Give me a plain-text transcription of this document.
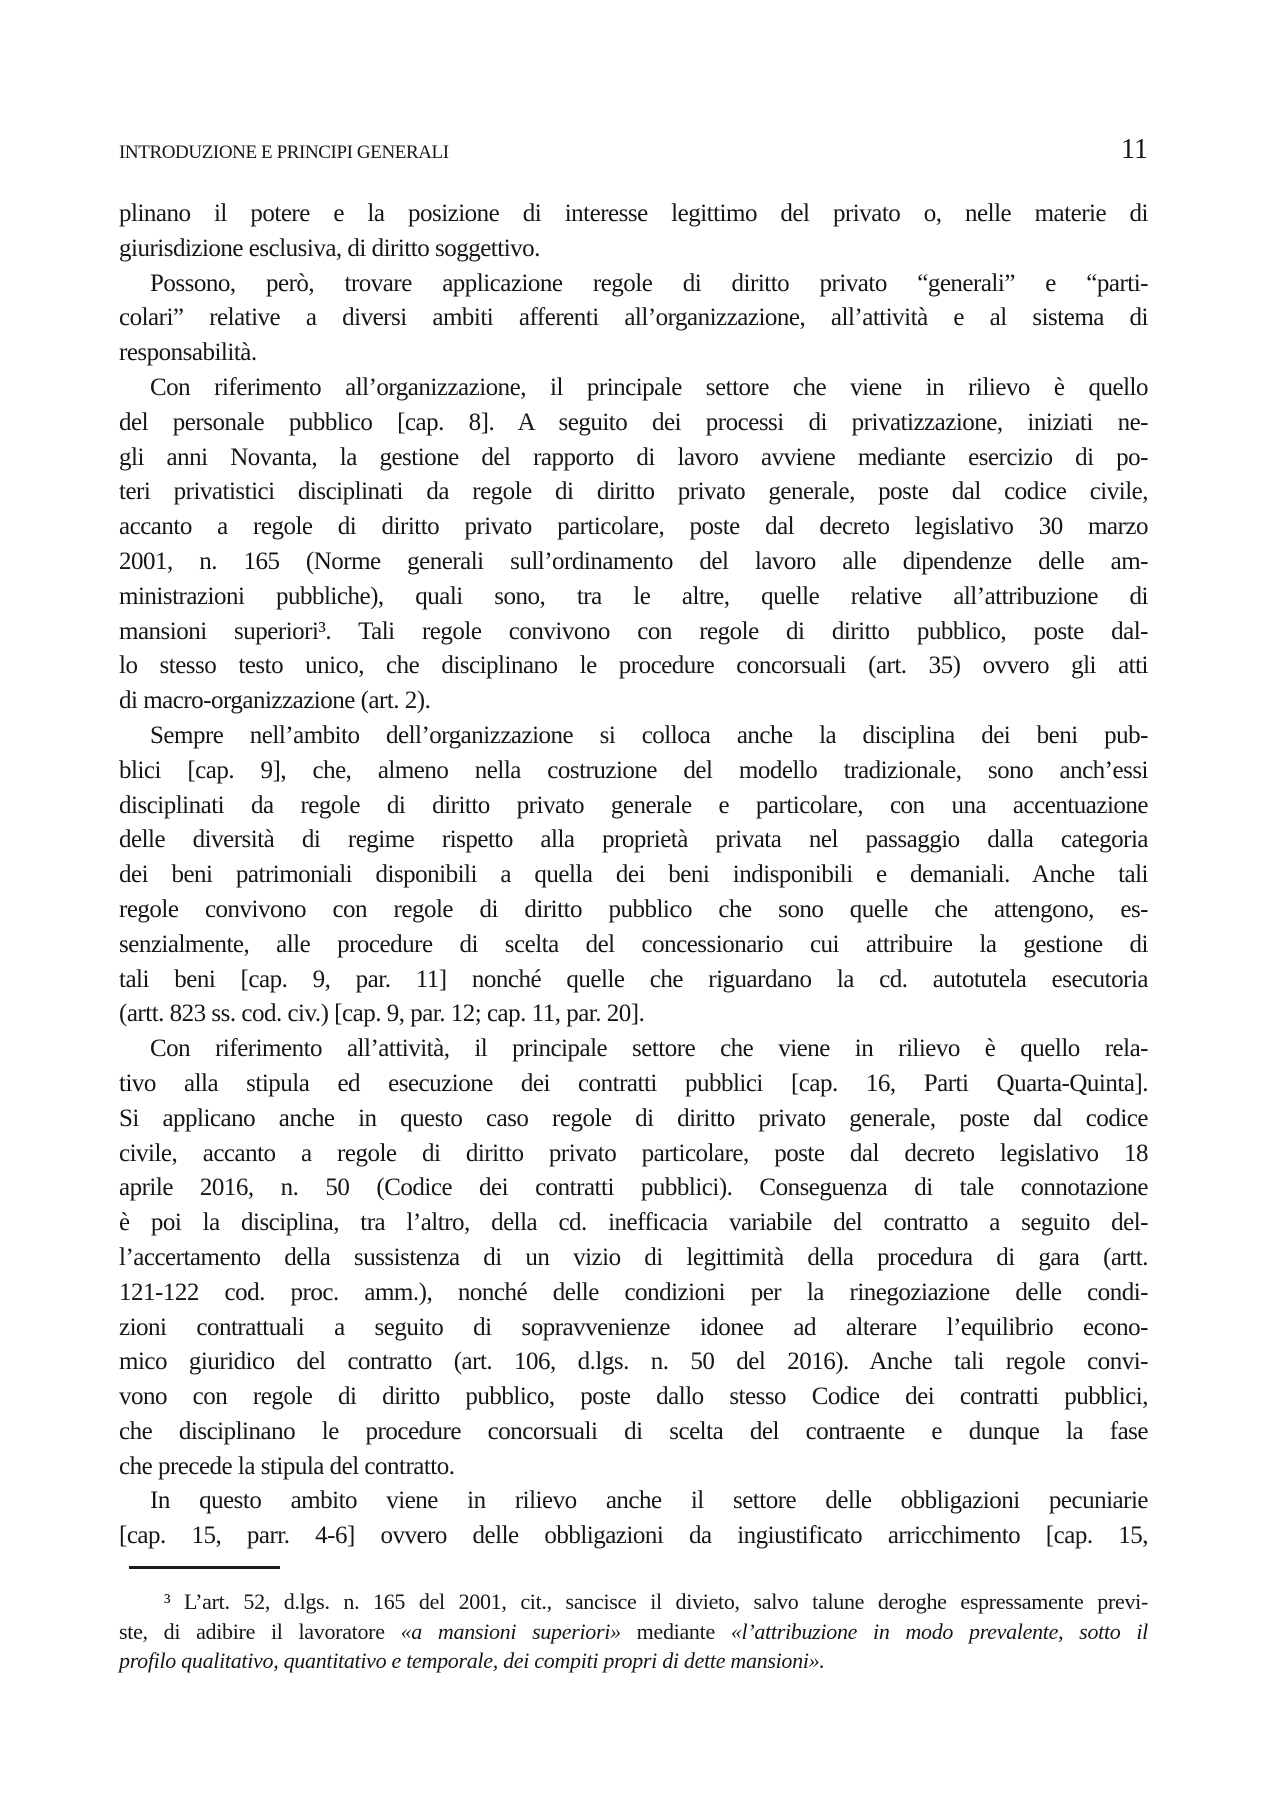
INTRODUZIONE E PRINCIPI GENERALI	11
plinano il potere e la posizione di interesse legittimo del privato o, nelle materie di
giurisdizione esclusiva, di diritto soggettivo.
Possono, però, trovare applicazione regole di diritto privato “generali” e “parti-
colari” relative a diversi ambiti afferenti all’organizzazione, all’attività e al sistema di
responsabilità.
Con riferimento all’organizzazione, il principale settore che viene in rilievo è quello
del personale pubblico [cap. 8]. A seguito dei processi di privatizzazione, iniziati ne-
gli anni Novanta, la gestione del rapporto di lavoro avviene mediante esercizio di po-
teri privatistici disciplinati da regole di diritto privato generale, poste dal codice civile,
accanto a regole di diritto privato particolare, poste dal decreto legislativo 30 marzo
2001, n. 165 (Norme generali sull’ordinamento del lavoro alle dipendenze delle am-
ministrazioni pubbliche), quali sono, tra le altre, quelle relative all’attribuzione di
mansioni superiori³. Tali regole convivono con regole di diritto pubblico, poste dal-
lo stesso testo unico, che disciplinano le procedure concorsuali (art. 35) ovvero gli atti
di macro-organizzazione (art. 2).
Sempre nell’ambito dell’organizzazione si colloca anche la disciplina dei beni pub-
blici [cap. 9], che, almeno nella costruzione del modello tradizionale, sono anch’essi
disciplinati da regole di diritto privato generale e particolare, con una accentuazione
delle diversità di regime rispetto alla proprietà privata nel passaggio dalla categoria
dei beni patrimoniali disponibili a quella dei beni indisponibili e demaniali. Anche tali
regole convivono con regole di diritto pubblico che sono quelle che attengono, es-
senzialmente, alle procedure di scelta del concessionario cui attribuire la gestione di
tali beni [cap. 9, par. 11] nonché quelle che riguardano la cd. autotutela esecutoria
(artt. 823 ss. cod. civ.) [cap. 9, par. 12; cap. 11, par. 20].
Con riferimento all’attività, il principale settore che viene in rilievo è quello rela-
tivo alla stipula ed esecuzione dei contratti pubblici [cap. 16, Parti Quarta-Quinta].
Si applicano anche in questo caso regole di diritto privato generale, poste dal codice
civile, accanto a regole di diritto privato particolare, poste dal decreto legislativo 18
aprile 2016, n. 50 (Codice dei contratti pubblici). Conseguenza di tale connotazione
è poi la disciplina, tra l’altro, della cd. inefficacia variabile del contratto a seguito del-
l’accertamento della sussistenza di un vizio di legittimità della procedura di gara (artt.
121-122 cod. proc. amm.), nonché delle condizioni per la rinegoziazione delle condi-
zioni contrattuali a seguito di sopravvenienze idonee ad alterare l’equilibrio econo-
mico giuridico del contratto (art. 106, d.lgs. n. 50 del 2016). Anche tali regole convi-
vono con regole di diritto pubblico, poste dallo stesso Codice dei contratti pubblici,
che disciplinano le procedure concorsuali di scelta del contraente e dunque la fase
che precede la stipula del contratto.
In questo ambito viene in rilievo anche il settore delle obbligazioni pecuniarie
[cap. 15, parr. 4-6] ovvero delle obbligazioni da ingiustificato arricchimento [cap. 15,
³ L’art. 52, d.lgs. n. 165 del 2001, cit., sancisce il divieto, salvo talune deroghe espressamente previ-
ste, di adibire il lavoratore «a mansioni superiori» mediante «l’attribuzione in modo prevalente, sotto il
profilo qualitativo, quantitativo e temporale, dei compiti propri di dette mansioni».
